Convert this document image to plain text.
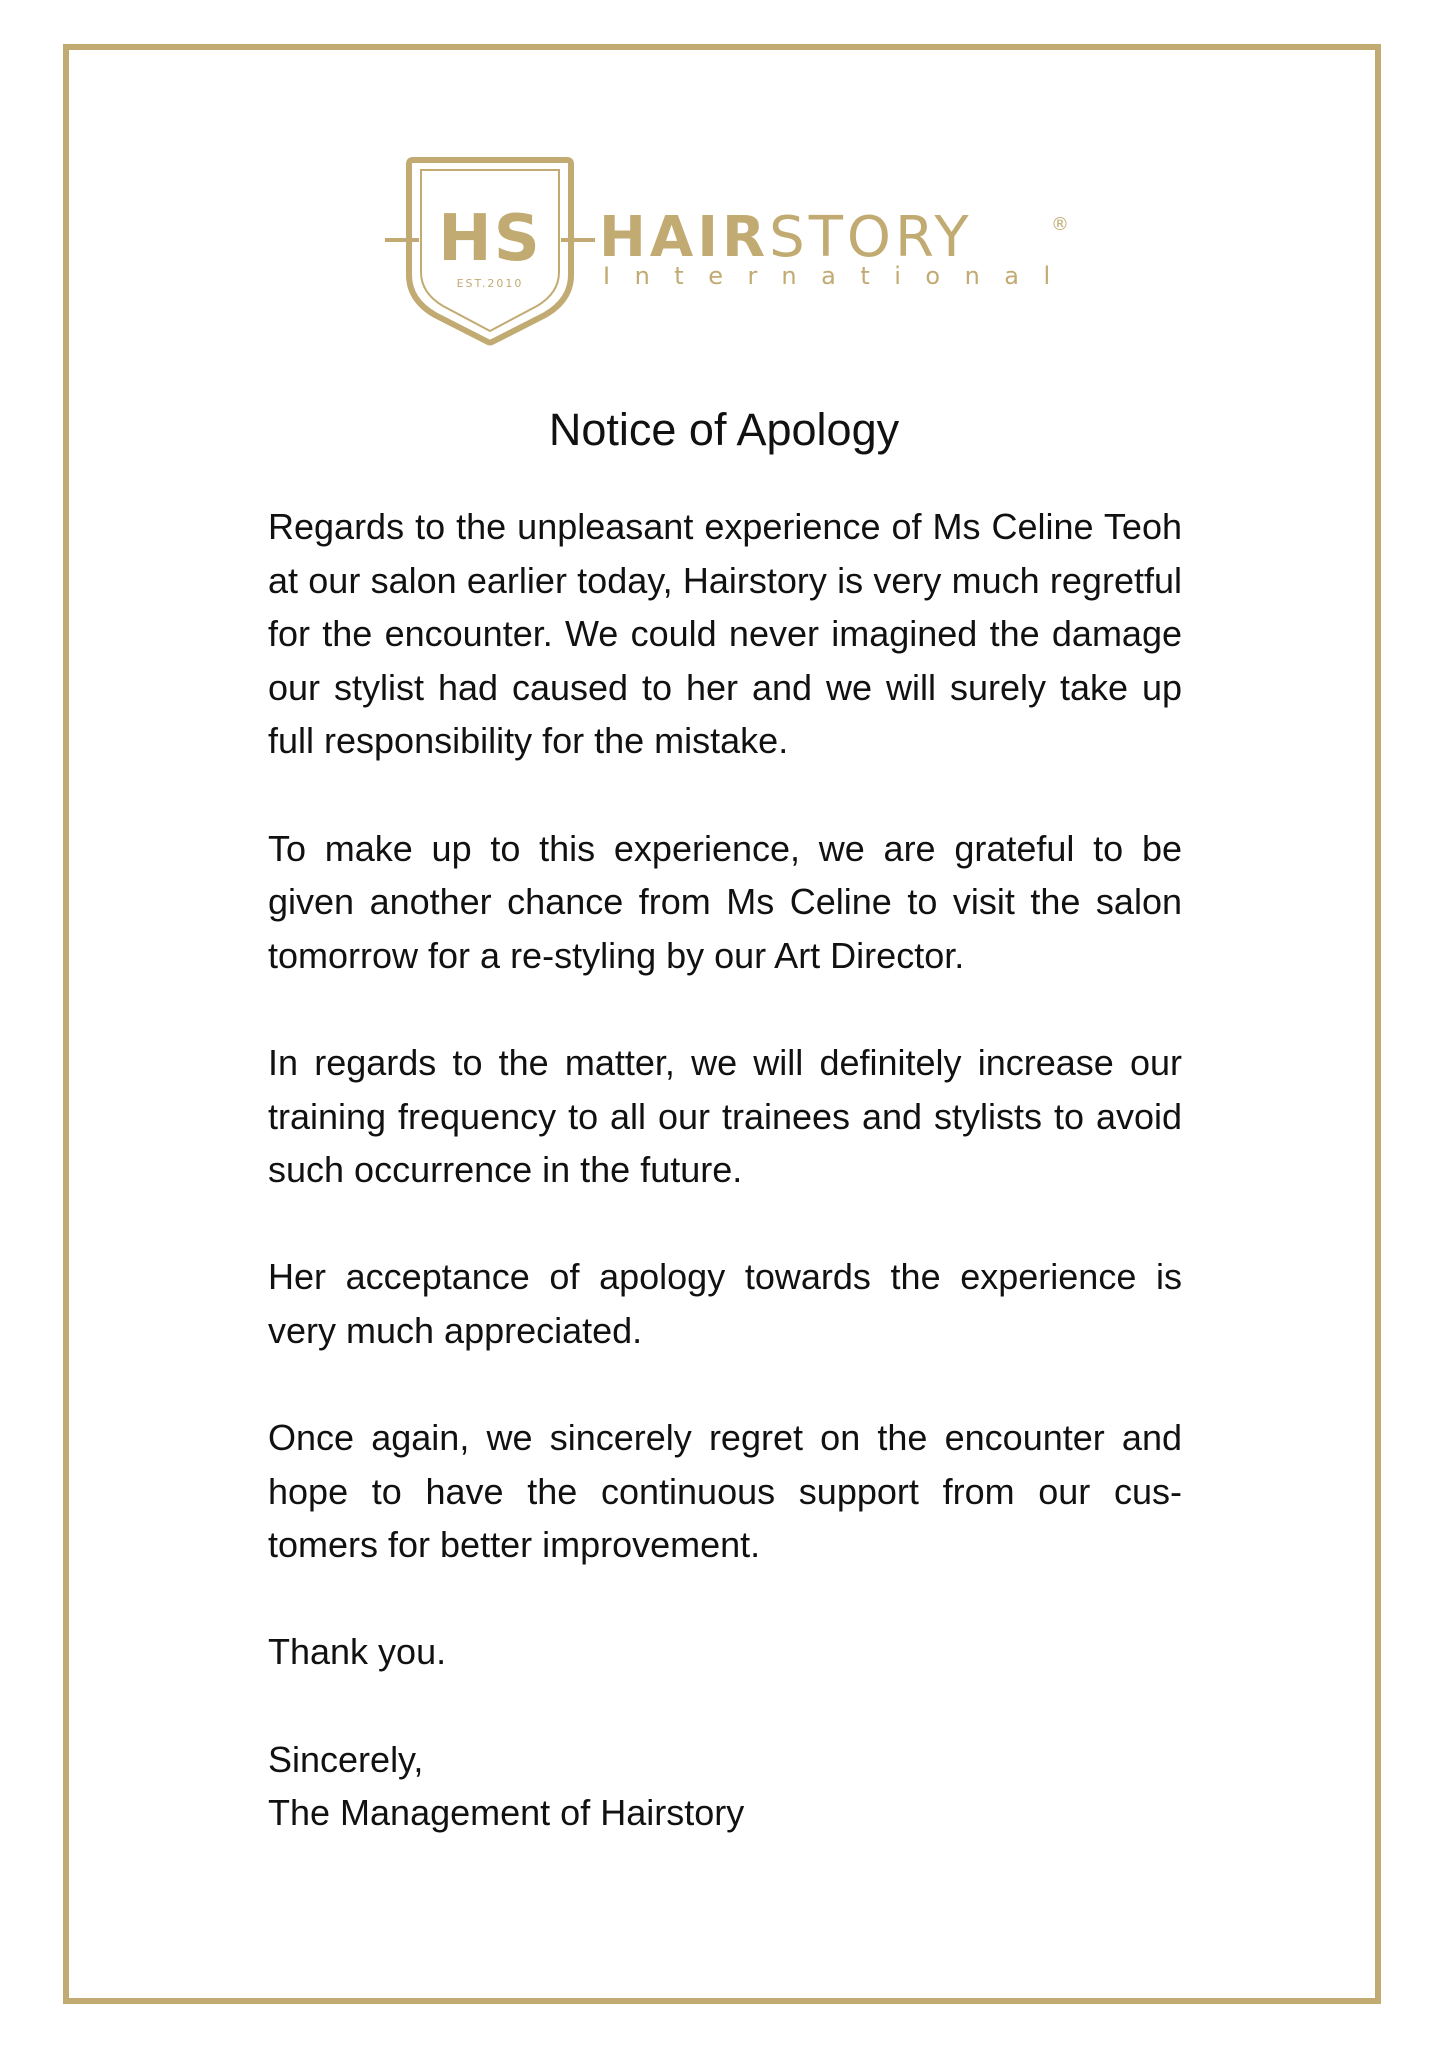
HS
EST.2010
HAIRSTORY	®
International
Notice of Apology

Regards to the unpleasant experience of Ms Celine Teoh at our salon earlier today, Hairstory is very much regretful for the encounter. We could never imagined the damage our stylist had caused to her and we will surely take up full responsibility for the mistake.

To make up to this experience, we are grateful to be given another chance from Ms Celine to visit the salon tomorrow for a re-styling by our Art Director.

In regards to the matter, we will definitely increase our training frequency to all our trainees and stylists to avoid such occurrence in the future.

Her acceptance of apology towards the experience is very much appreciated.

Once again, we sincerely regret on the encounter and hope to have the continuous support from our cus-tomers for better improvement.

Thank you.

Sincerely,
The Management of Hairstory
